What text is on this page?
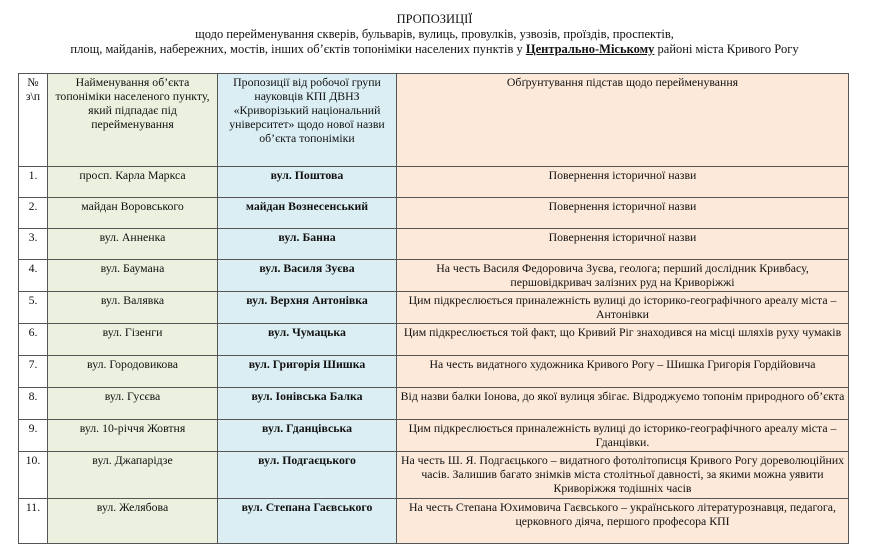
ПРОПОЗИЦІЇ
щодо перейменування скверів, бульварів, вулиць, провулків, узвозів, проїздів, проспектів,
площ, майданів, набережних, мостів, інших об’єктів топоніміки населених пунктів у Центрально-Міському районі міста Кривого Рогу
№ з\п	Найменування об’єкта топоніміки населеного пункту, який підпадає під перейменування	Пропозиції від робочої групи науковців КПІ ДВНЗ «Криворізький національний університет» щодо нової назви об’єкта топоніміки	Обґрунтування підстав щодо перейменування
1.	просп. Карла Маркса	вул. Поштова	Повернення історичної назви
2.	майдан Воровського	майдан Вознесенський	Повернення історичної назви
3.	вул. Анненка	вул. Банна	Повернення історичної назви
4.	вул. Баумана	вул. Василя Зуєва	На честь Василя Федоровича Зуєва, геолога; перший дослідник Кривбасу, першовідкривач залізних руд на Криворіжжі
5.	вул. Валявка	вул. Верхня Антонівка	Цим підкреслюється приналежність вулиці до історико-географічного ареалу міста – Антонівки
6.	вул. Гізенги	вул. Чумацька	Цим підкреслюється той факт, що Кривий Ріг знаходився на місці шляхів руху чумаків
7.	вул. Городовикова	вул. Григорія Шишка	На честь видатного художника Кривого Рогу – Шишка Григорія Гордійовича
8.	вул. Гусєва	вул. Іонівська Балка	Від назви балки Іонова, до якої вулиця збігає. Відроджуємо топонім природного об’єкта
9.	вул. 10-річчя Жовтня	вул. Гданцівська	Цим підкреслюється приналежність вулиці до історико-географічного ареалу міста – Гданцівки.
10.	вул. Джапарідзе	вул. Подгаєцького	На честь Ш. Я. Подгаєцького – видатного фотолітописця Кривого Рогу дореволюційних часів. Залишив багато знімків міста столітньої давності, за якими можна уявити Криворіжжя тодішніх часів
11.	вул. Желябова	вул. Степана Гаєвського	На честь Степана Юхимовича Гаєвського – українського літературознавця, педагога, церковного діяча, першого професора КПІ
